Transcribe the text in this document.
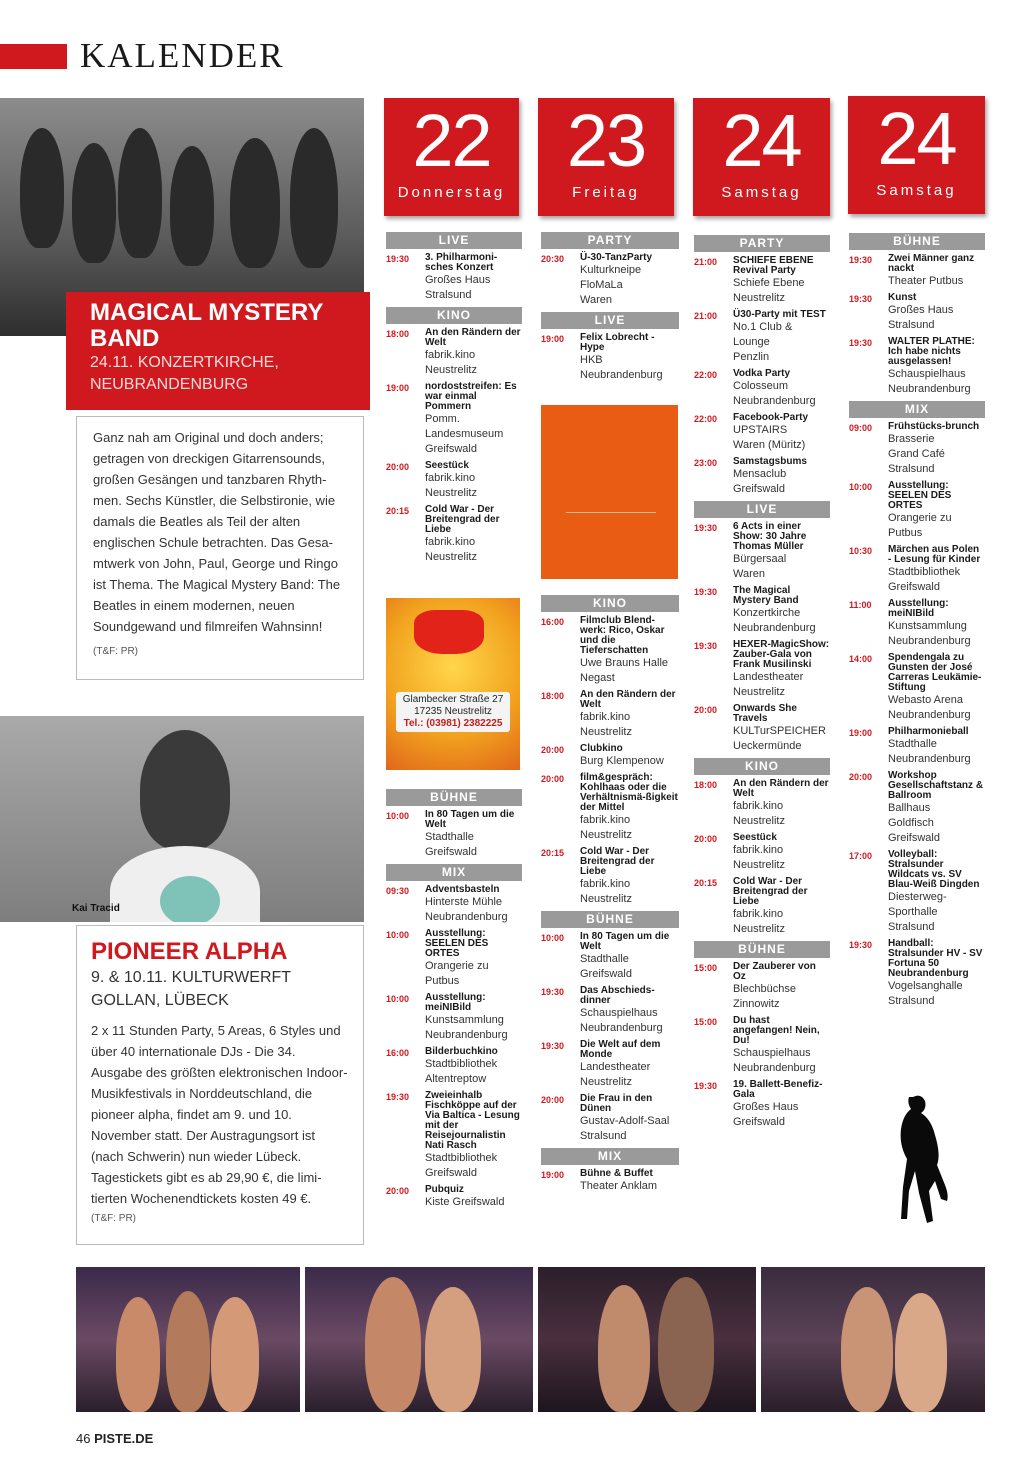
KALENDER
MAGICAL MYSTERY
BAND
24.11. KONZERTKIRCHE,
NEUBRANDENBURG
Ganz nah am Original und doch anders; getragen von dreckigen Gitarrensounds, großen Gesängen und tanzbaren Rhythmen. Sechs Künstler, die Selbstironie, wie damals die Beatles als Teil der alten englischen Schule betrachten. Das Gesamtwerk von John, Paul, George und Ringo ist Thema. The Magical Mystery Band: The Beatles in einem modernen, neuen Soundgewand und filmreifen Wahnsinn!
(T&F: PR)
Kai Tracid
PIONEER ALPHA
9. & 10.11. KULTURWERFT
GOLLAN, LÜBECK
2 x 11 Stunden Party, 5 Areas, 6 Styles und über 40 internationale DJs - Die 34. Ausgabe des größten elektronischen Indoor-Musikfestivals in Norddeutschland, die pioneer alpha, findet am 9. und 10. November statt. Der Austragungsort ist (nach Schwerin) nun wieder Lübeck. Tagestickets gibt es ab 29,90 €, die limitierten Wochenendtickets kosten 49 €.
(T&F: PR)
22
Donnerstag
23
Freitag
24
Samstag
24
Samstag
LIVE
19:30	3. Philharmoni-sches Konzert
Großes Haus
Stralsund
KINO
18:00	An den Rändern der Welt
fabrik.kino
Neustrelitz
19:00	nordoststreifen: Es war einmal Pommern
Pomm. Landesmuseum
Greifswald
20:00	Seestück
fabrik.kino
Neustrelitz
20:15	Cold War - Der Breitengrad der Liebe
fabrik.kino
Neustrelitz
Glambecker Straße 27
17235 Neustrelitz
Tel.: (03981) 2382225
BÜHNE
10:00	In 80 Tagen um die Welt
Stadthalle
Greifswald
MIX
09:30	Adventsbasteln
Hinterste Mühle
Neubrandenburg
10:00	Ausstellung: SEELEN DES ORTES
Orangerie zu
Putbus
10:00	Ausstellung: meiNIBild
Kunstsammlung
Neubrandenburg
16:00	Bilderbuchkino
Stadtbibliothek
Altentreptow
19:30	Zweieinhalb Fischköppe auf der Via Baltica - Lesung mit der Reisejournalistin Nati Rasch
Stadtbibliothek
Greifswald
20:00	Pubquiz
Kiste Greifswald
PARTY
20:30	Ü-30-TanzParty
Kulturkneipe FloMaLa
Waren
LIVE
19:00	Felix Lobrecht - Hype
HKB
Neubrandenburg
KINO
16:00	Filmclub Blend-werk: Rico, Oskar und die Tieferschatten
Uwe Brauns Halle
Negast
18:00	An den Rändern der Welt
fabrik.kino
Neustrelitz
20:00	Clubkino
Burg Klempenow
20:00	film&gespräch: Kohlhaas oder die Verhältnismä-ßigkeit der Mittel
fabrik.kino
Neustrelitz
20:15	Cold War - Der Breitengrad der Liebe
fabrik.kino
Neustrelitz
BÜHNE
10:00	In 80 Tagen um die Welt
Stadthalle
Greifswald
19:30	Das Abschieds-dinner
Schauspielhaus
Neubrandenburg
19:30	Die Welt auf dem Monde
Landestheater
Neustrelitz
20:00	Die Frau in den Dünen
Gustav-Adolf-Saal
Stralsund
MIX
19:00	Bühne & Buffet
Theater Anklam
PARTY
21:00	SCHIEFE EBENE Revival Party
Schiefe Ebene
Neustrelitz
21:00	Ü30-Party mit TEST
No.1 Club & Lounge
Penzlin
22:00	Vodka Party
Colosseum
Neubrandenburg
22:00	Facebook-Party
UPSTAIRS
Waren (Müritz)
23:00	Samstagsbums
Mensaclub
Greifswald
LIVE
19:30	6 Acts in einer Show: 30 Jahre Thomas Müller
Bürgersaal
Waren
19:30	The Magical Mystery Band
Konzertkirche
Neubrandenburg
19:30	HEXER-MagicShow: Zauber-Gala von Frank Musilinski
Landestheater
Neustrelitz
20:00	Onwards She Travels
KULTurSPEICHER
Ueckermünde
KINO
18:00	An den Rändern der Welt
fabrik.kino
Neustrelitz
20:00	Seestück
fabrik.kino
Neustrelitz
20:15	Cold War - Der Breitengrad der Liebe
fabrik.kino
Neustrelitz
BÜHNE
15:00	Der Zauberer von Oz
Blechbüchse
Zinnowitz
15:00	Du hast angefangen! Nein, Du!
Schauspielhaus
Neubrandenburg
19:30	19. Ballett-Benefiz-Gala
Großes Haus
Greifswald
BÜHNE
19:30	Zwei Männer ganz nackt
Theater Putbus
19:30	Kunst
Großes Haus
Stralsund
19:30	WALTER PLATHE: Ich habe nichts ausgelassen!
Schauspielhaus
Neubrandenburg
MIX
09:00	Frühstücks-brunch
Brasserie
Grand Café Stralsund
10:00	Ausstellung: SEELEN DES ORTES
Orangerie zu
Putbus
10:30	Märchen aus Polen - Lesung für Kinder
Stadtbibliothek
Greifswald
11:00	Ausstellung: meiNIBild
Kunstsammlung
Neubrandenburg
14:00	Spendengala zu Gunsten der José Carreras Leukämie-Stiftung
Webasto Arena
Neubrandenburg
19:00	Philharmonieball
Stadthalle
Neubrandenburg
20:00	Workshop Gesellschaftstanz & Ballroom
Ballhaus
Goldfisch Greifswald
17:00	Volleyball: Stralsunder Wildcats vs. SV Blau-Weiß Dingden
Diesterweg-
Sporthalle Stralsund
19:30	Handball: Stralsunder HV - SV Fortuna 50 Neubrandenburg
Vogelsanghalle
Stralsund
46 PISTE.DE
